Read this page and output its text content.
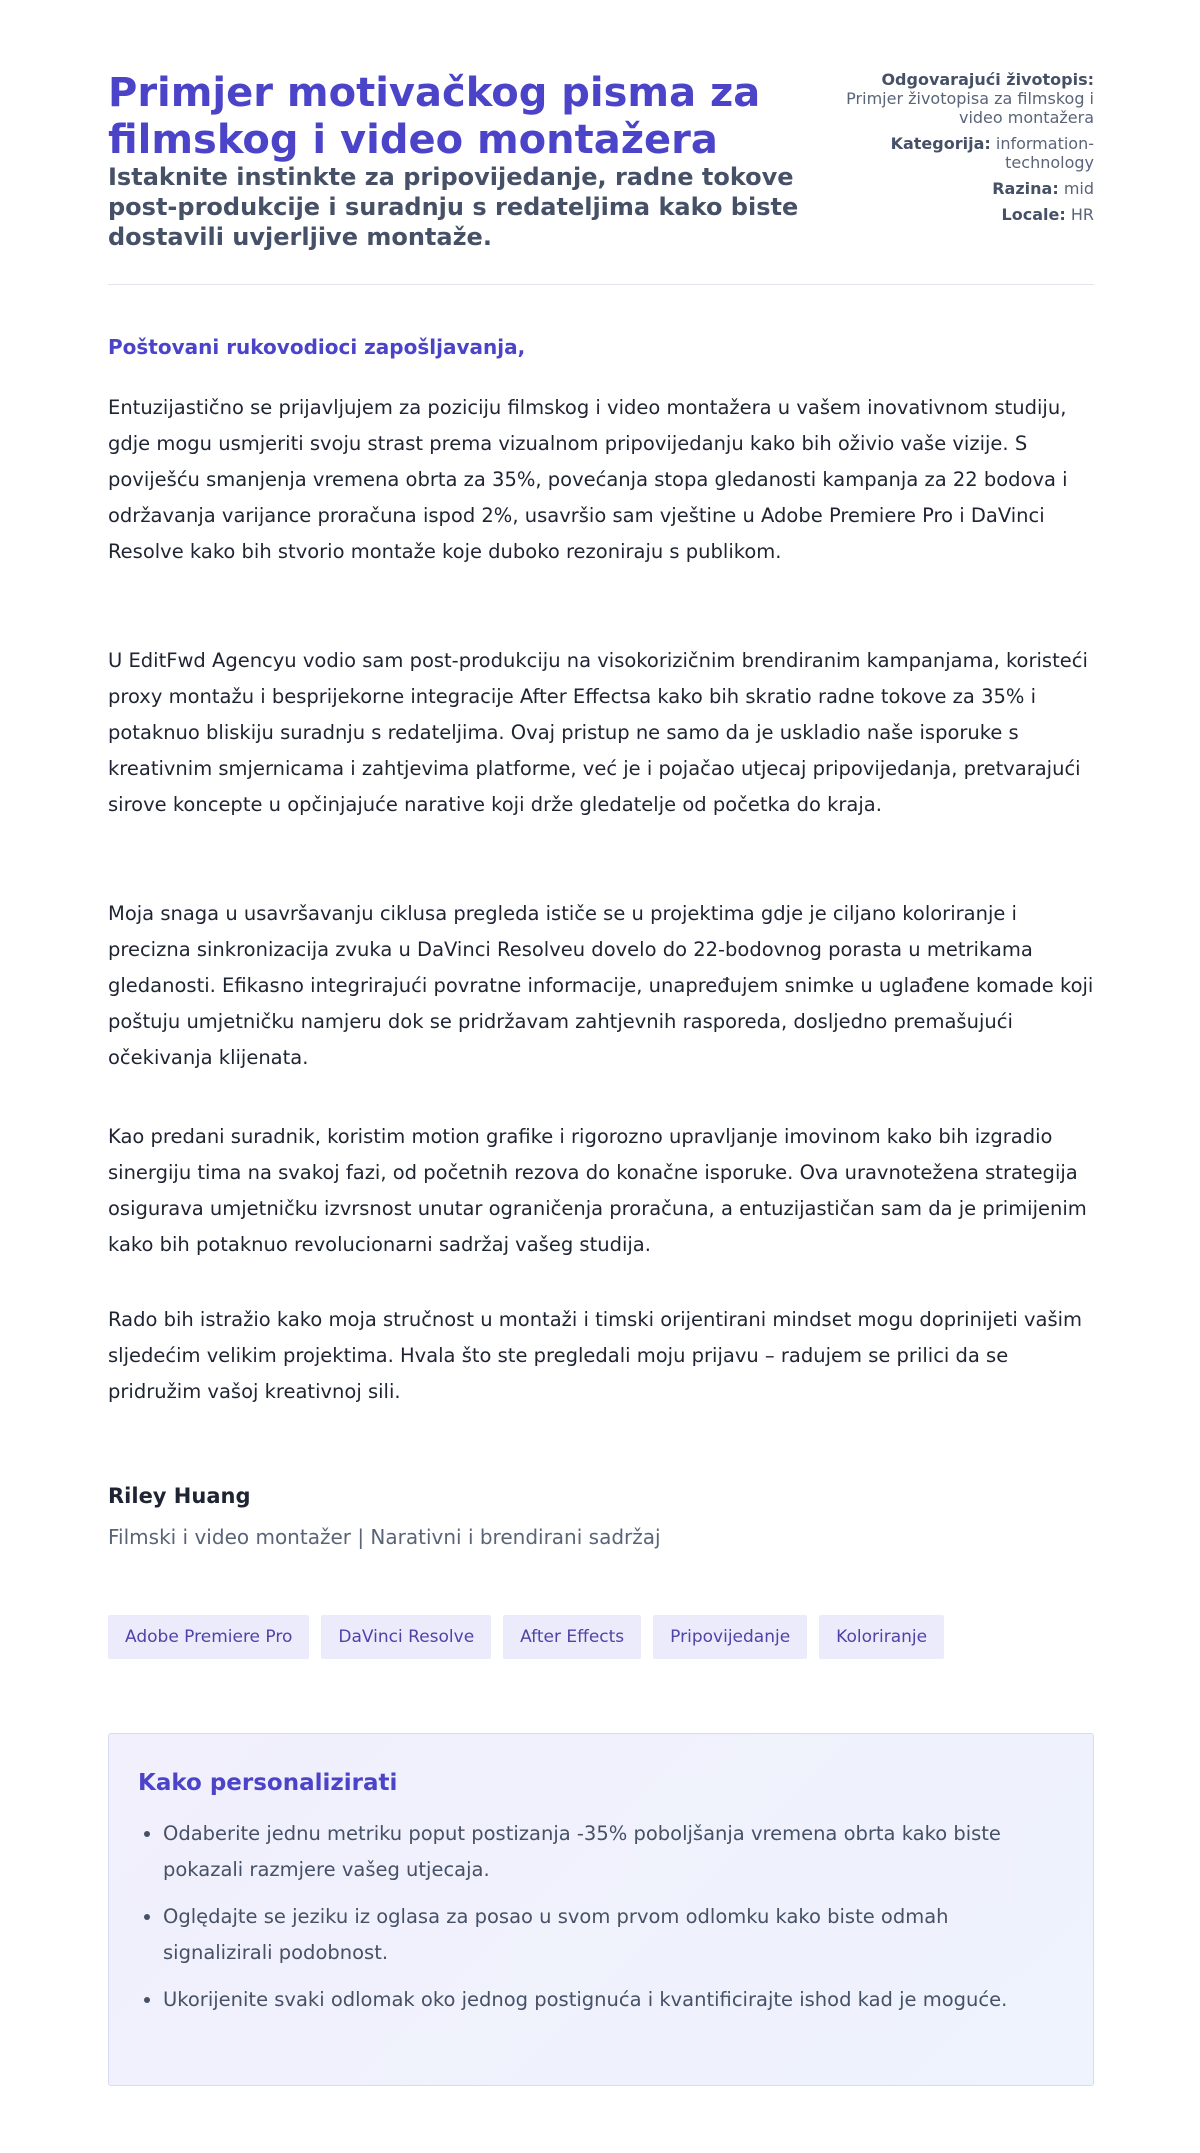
Primjer motivačkog pisma za filmskog i video montažera
Istaknite instinkte za pripovijedanje, radne tokove post-produkcije i suradnju s redateljima kako biste dostavili uvjerljive montaže.
Odgovarajući životopis:
Primjer životopisa za filmskog i video montažera
Kategorija: information-
technology
Razina: mid
Locale: HR

Poštovani rukovodioci zapošljavanja,

Entuzijastično se prijavljujem za poziciju filmskog i video montažera u vašem inovativnom studiju, gdje mogu usmjeriti svoju strast prema vizualnom pripovijedanju kako bih oživio vaše vizije. S poviješću smanjenja vremena obrta za 35%, povećanja stopa gledanosti kampanja za 22 bodova i održavanja varijance proračuna ispod 2%, usavršio sam vještine u Adobe Premiere Pro i DaVinci Resolve kako bih stvorio montaže koje duboko rezoniraju s publikom.

U EditFwd Agencyu vodio sam post-produkciju na visokorizičnim brendiranim kampanjama, koristeći proxy montažu i besprijekorne integracije After Effectsa kako bih skratio radne tokove za 35% i potaknuo bliskiju suradnju s redateljima. Ovaj pristup ne samo da je uskladio naše isporuke s kreativnim smjernicama i zahtjevima platforme, već je i pojačao utjecaj pripovijedanja, pretvarajući sirove koncepte u opčinjajuće narative koji drže gledatelje od početka do kraja.

Moja snaga u usavršavanju ciklusa pregleda ističe se u projektima gdje je ciljano koloriranje i precizna sinkronizacija zvuka u DaVinci Resolveu dovelo do 22-bodovnog porasta u metrikama gledanosti. Efikasno integrirajući povratne informacije, unapređujem snimke u uglađene komade koji poštuju umjetničku namjeru dok se pridržavam zahtjevnih rasporeda, dosljedno premašujući očekivanja klijenata.

Kao predani suradnik, koristim motion grafike i rigorozno upravljanje imovinom kako bih izgradio sinergiju tima na svakoj fazi, od početnih rezova do konačne isporuke. Ova uravnotežena strategija osigurava umjetničku izvrsnost unutar ograničenja proračuna, a entuzijastičan sam da je primijenim kako bih potaknuo revolucionarni sadržaj vašeg studija.

Rado bih istražio kako moja stručnost u montaži i timski orijentirani mindset mogu doprinijeti vašim sljedećim velikim projektima. Hvala što ste pregledali moju prijavu – radujem se prilici da se pridružim vašoj kreativnoj sili.

Riley Huang

Filmski i video montažer | Narativni i brendirani sadržaj

Adobe Premiere Pro	DaVinci Resolve	After Effects	Pripovijedanje	Koloriranje
Kako personalizirati
• Odaberite jednu metriku poput postizanja -35% poboljšanja vremena obrta kako biste pokazali razmjere vašeg utjecaja.
• Oględajte se jeziku iz oglasa za posao u svom prvom odlomku kako biste odmah signalizirali podobnost.
• Ukorijenite svaki odlomak oko jednog postignuća i kvantificirajte ishod kad je moguće.
